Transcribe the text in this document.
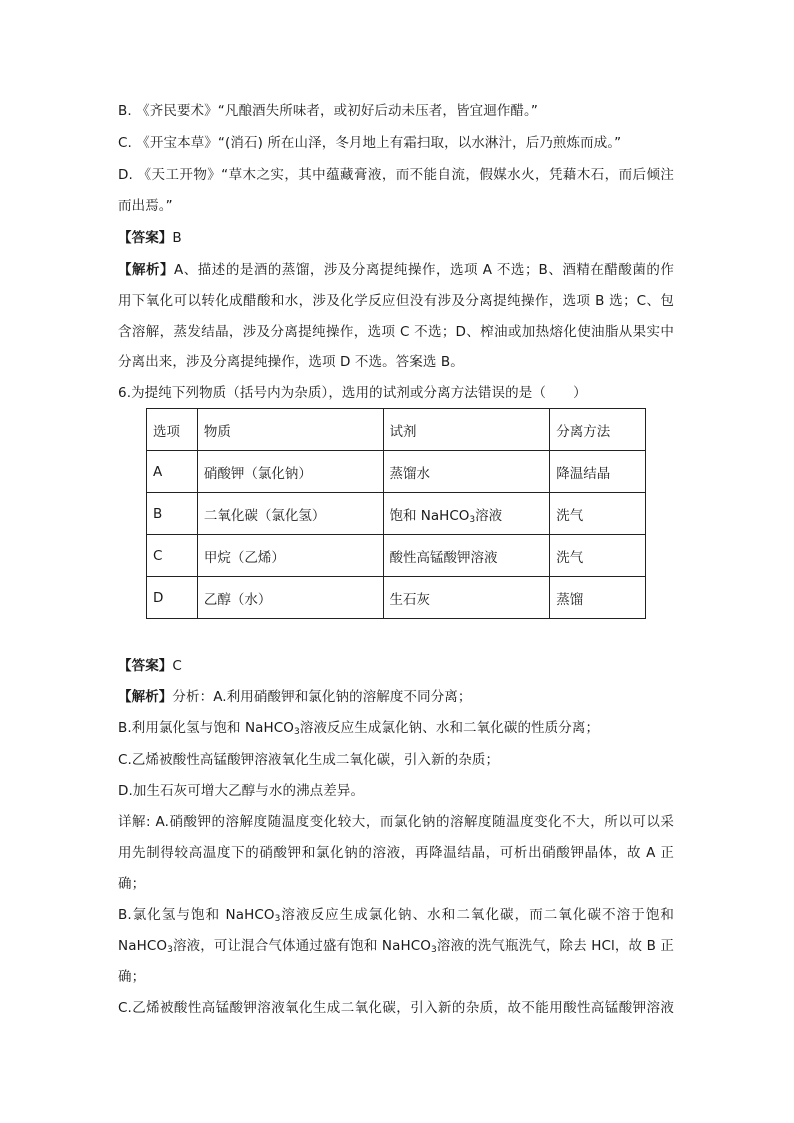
B. 《齐民要术》“凡酿酒失所味者，或初好后动未压者，皆宜迴作醋。”
C. 《开宝本草》“(消石) 所在山泽，冬月地上有霜扫取，以水淋汁，后乃煎炼而成。”
D. 《天工开物》“草木之实，其中蕴藏膏液，而不能自流，假媒水火，凭藉木石，而后倾注
而出焉。”
【答案】B
【解析】A、描述的是酒的蒸馏，涉及分离提纯操作，选项 A 不选；B、酒精在醋酸菌的作
用下氧化可以转化成醋酸和水，涉及化学反应但没有涉及分离提纯操作，选项 B 选；C、包
含溶解，蒸发结晶，涉及分离提纯操作，选项 C 不选；D、榨油或加热熔化使油脂从果实中
分离出来，涉及分离提纯操作，选项 D 不选。答案选 B。
6.为提纯下列物质（括号内为杂质），选用的试剂或分离方法错误的是（　　）
选项	物质	试剂	分离方法
A	硝酸钾（氯化钠）	蒸馏水	降温结晶
B	二氧化碳（氯化氢）	饱和 NaHCO$_3$溶液	洗气
C	甲烷（乙烯）	酸性高锰酸钾溶液	洗气
D	乙醇（水）	生石灰	蒸馏
【答案】C
【解析】分析：A.利用硝酸钾和氯化钠的溶解度不同分离；
B.利用氯化氢与饱和 NaHCO$_3$溶液反应生成氯化钠、水和二氧化碳的性质分离；
C.乙烯被酸性高锰酸钾溶液氧化生成二氧化碳，引入新的杂质；
D.加生石灰可增大乙醇与水的沸点差异。
详解: A.硝酸钾的溶解度随温度变化较大，而氯化钠的溶解度随温度变化不大，所以可以采
用先制得较高温度下的硝酸钾和氯化钠的溶液，再降温结晶，可析出硝酸钾晶体，故 A 正
确；
B.氯化氢与饱和 NaHCO$_3$溶液反应生成氯化钠、水和二氧化碳，而二氧化碳不溶于饱和
NaHCO$_3$溶液，可让混合气体通过盛有饱和 NaHCO$_3$溶液的洗气瓶洗气，除去 HCl，故 B 正
确；
C.乙烯被酸性高锰酸钾溶液氧化生成二氧化碳，引入新的杂质，故不能用酸性高锰酸钾溶液
